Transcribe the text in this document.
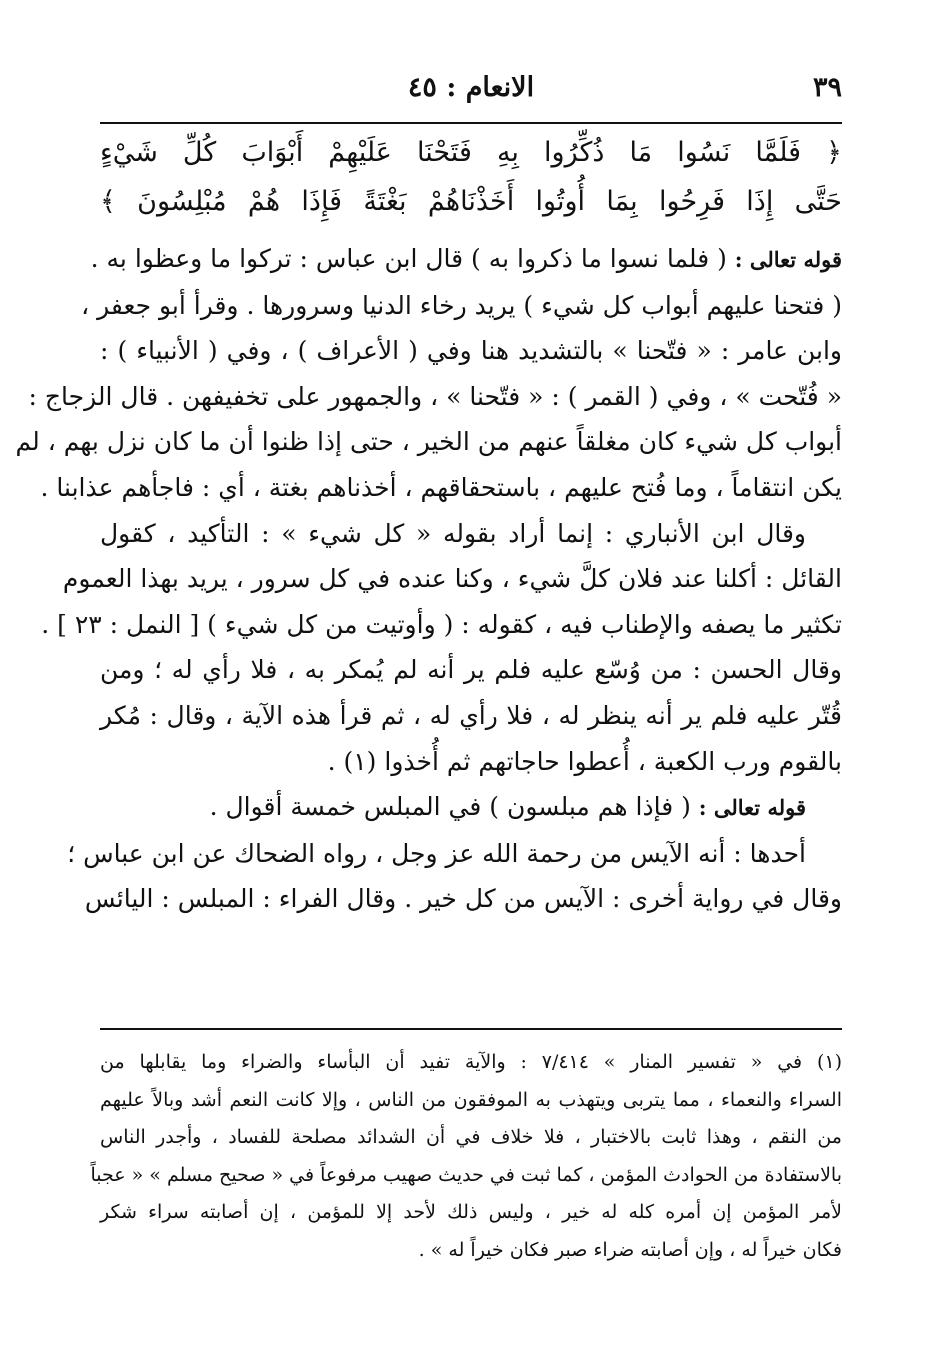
٣٩
الانعام : ٤٥

﴿ فَلَمَّا نَسُوا مَا ذُكِّرُوا بِهِ فَتَحْنَا عَلَيْهِمْ أَبْوَابَ كُلِّ شَيْءٍ

حَتَّى إِذَا فَرِحُوا بِمَا أُوتُوا أَخَذْنَاهُمْ بَغْتَةً فَإِذَا هُمْ مُبْلِسُونَ ﴾

قوله تعالى : ( فلما نسوا ما ذكروا به ) قال ابن عباس : تركوا ما وعظوا به .
( فتحنا عليهم أبواب كل شيء ) يريد رخاء الدنيا وسرورها . وقرأ أبو جعفر ،
وابن عامر : « فتّحنا » بالتشديد هنا وفي ( الأعراف ) ، وفي ( الأنبياء ) :
« فُتّحت » ، وفي ( القمر ) : « فتّحنا » ، والجمهور على تخفيفهن . قال الزجاج :
أبواب كل شيء كان مغلقاً عنهم من الخير ، حتى إذا ظنوا أن ما كان نزل بهم ، لم
يكن انتقاماً ، وما فُتح عليهم ، باستحقاقهم ، أخذناهم بغتة ، أي : فاجأهم عذابنا .
وقال ابن الأنباري : إنما أراد بقوله « كل شيء » : التأكيد ، كقول
القائل : أكلنا عند فلان كلَّ شيء ، وكنا عنده في كل سرور ، يريد بهذا العموم
تكثير ما يصفه والإطناب فيه ، كقوله : ( وأوتيت من كل شيء ) [ النمل : ٢٣ ] .
وقال الحسن : من وُسّع عليه فلم ير أنه لم يُمكر به ، فلا رأي له ؛ ومن
قُتّر عليه فلم ير أنه ينظر له ، فلا رأي له ، ثم قرأ هذه الآية ، وقال : مُكر
بالقوم ورب الكعبة ، أُعطوا حاجاتهم ثم أُخذوا (١) .
قوله تعالى : ( فإذا هم مبلسون ) في المبلس خمسة أقوال .
أحدها : أنه الآيس من رحمة الله عز وجل ، رواه الضحاك عن ابن عباس ؛
وقال في رواية أخرى : الآيس من كل خير . وقال الفراء : المبلس : اليائس
(١) في « تفسير المنار » ٧/٤١٤ : والآية تفيد أن البأساء والضراء وما يقابلها من
السراء والنعماء ، مما يتربى ويتهذب به الموفقون من الناس ، وإلا كانت النعم أشد وبالاً عليهم
من النقم ، وهذا ثابت بالاختبار ، فلا خلاف في أن الشدائد مصلحة للفساد ، وأجدر الناس
بالاستفادة من الحوادث المؤمن ، كما ثبت في حديث صهيب مرفوعاً في « صحيح مسلم » « عجباً
لأمر المؤمن إن أمره كله له خير ، وليس ذلك لأحد إلا للمؤمن ، إن أصابته سراء شكر
فكان خيراً له ، وإن أصابته ضراء صبر فكان خيراً له » .
